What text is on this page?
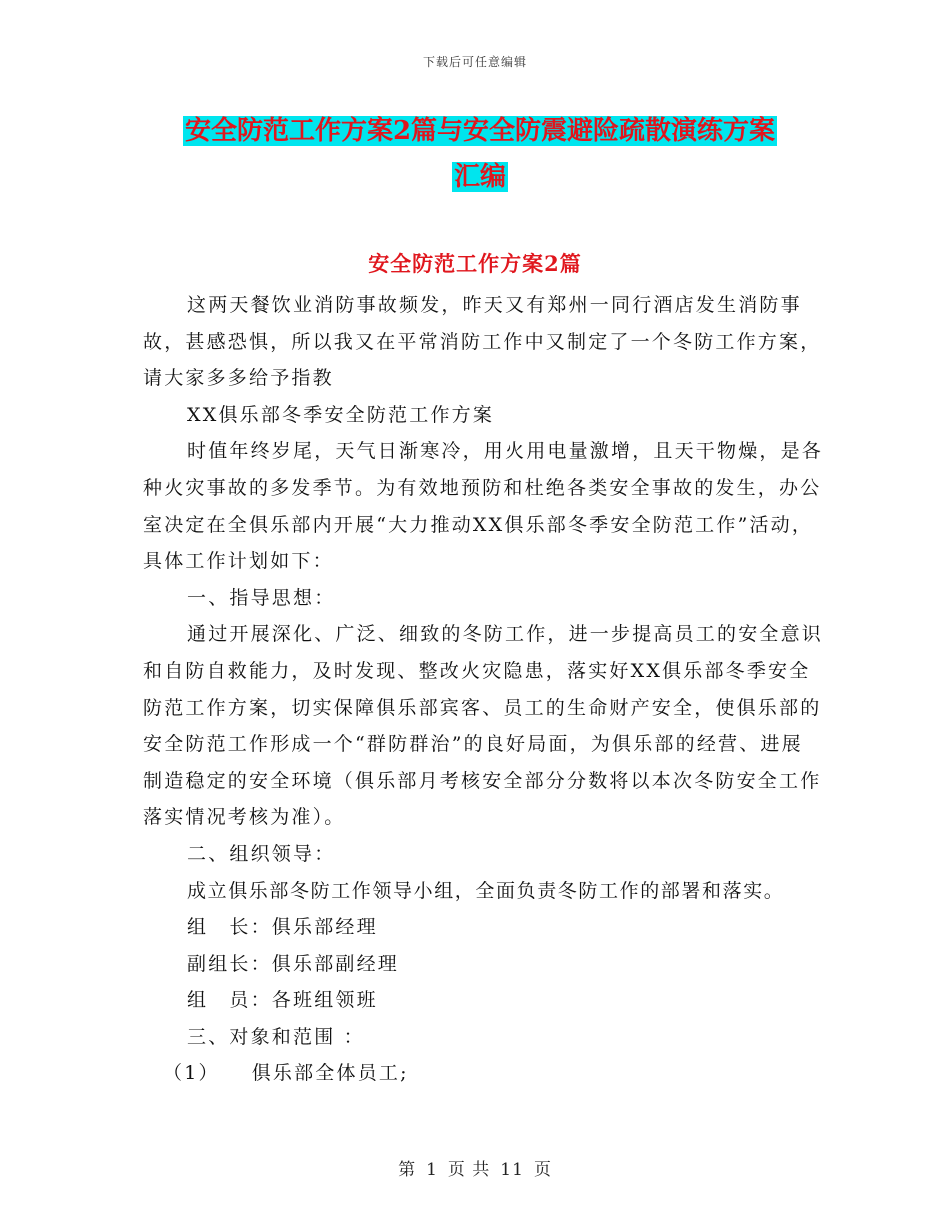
下载后可任意编辑
安全防范工作方案2篇与安全防震避险疏散演练方案
汇编
安全防范工作方案2篇

这两天餐饮业消防事故频发，昨天又有郑州一同行酒店发生消防事故，甚感恐惧，所以我又在平常消防工作中又制定了一个冬防工作方案，请大家多多给予指教

XX俱乐部冬季安全防范工作方案

时值年终岁尾，天气日渐寒冷，用火用电量激增，且天干物燥，是各种火灾事故的多发季节。为有效地预防和杜绝各类安全事故的发生，办公室决定在全俱乐部内开展“大力推动XX俱乐部冬季安全防范工作”活动，具体工作计划如下：

一、指导思想：

通过开展深化、广泛、细致的冬防工作，进一步提高员工的安全意识和自防自救能力，及时发现、整改火灾隐患，落实好XX俱乐部冬季安全防范工作方案，切实保障俱乐部宾客、员工的生命财产安全，使俱乐部的安全防范工作形成一个“群防群治”的良好局面，为俱乐部的经营、进展制造稳定的安全环境（俱乐部月考核安全部分分数将以本次冬防安全工作落实情况考核为准）。

二、组织领导：

成立俱乐部冬防工作领导小组，全面负责冬防工作的部署和落实。

组　长：俱乐部经理

副组长：俱乐部副经理

组　员：各班组领班

三、对象和范围 ：

（1） 俱乐部全体员工;

第 1 页 共 11 页
